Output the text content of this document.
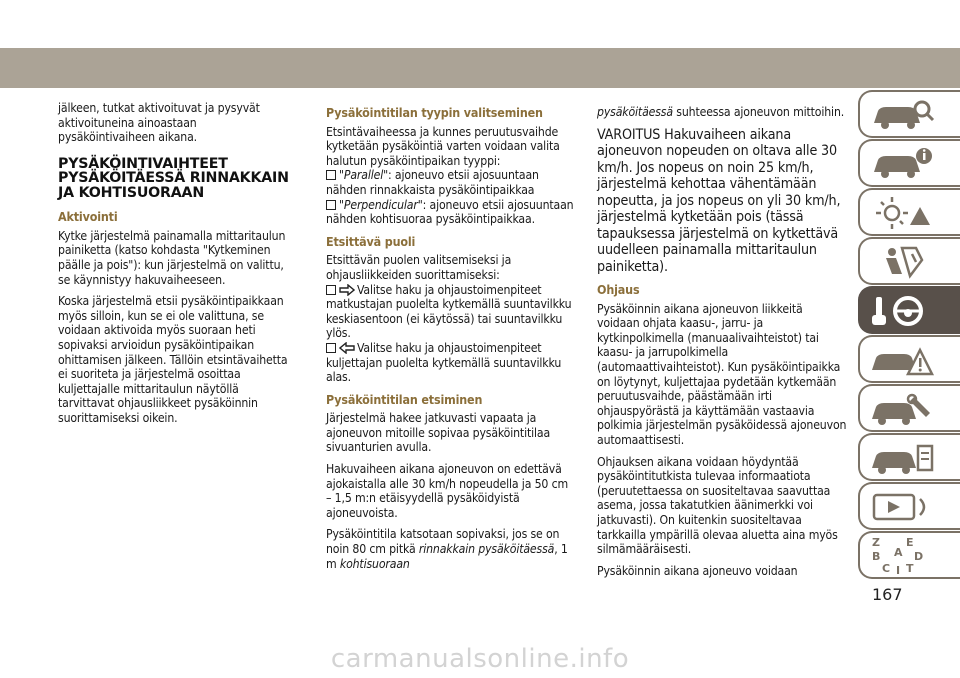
jälkeen, tutkat aktivoituvat ja pysyvät aktivoituneina ainoastaan pysäköintivaiheen aikana.

PYSÄKÖINTIVAIHTEET PYSÄKÖITÄESSÄ RINNAKKAIN JA KOHTISUORAAN
Aktivointi

Kytke järjestelmä painamalla mittaritaulun painiketta (katso kohdasta "Kytkeminen päälle ja pois"): kun järjestelmä on valittu, se käynnistyy hakuvaiheeseen.

Koska järjestelmä etsii pysäköintipaikkaan myös silloin, kun se ei ole valittuna, se voidaan aktivoida myös suoraan heti sopivaksi arvioidun pysäköintipaikan ohittamisen jälkeen. Tällöin etsintävaihetta ei suoriteta ja järjestelmä osoittaa kuljettajalle mittaritaulun näytöllä tarvittavat ohjausliikkeet pysäköinnin suorittamiseksi oikein.

Pysäköintitilan tyypin valitseminen

Etsintävaiheessa ja kunnes peruutusvaihde kytketään pysäköintiä varten voidaan valita halutun pysäköintipaikan tyyppi:

"Parallel": ajoneuvo etsii ajosuuntaan nähden rinnakkaista pysäköintipaikkaa

"Perpendicular": ajoneuvo etsii ajosuuntaan nähden kohtisuoraa pysäköintipaikkaa.

Etsittävä puoli

Etsittävän puolen valitsemiseksi ja ohjausliikkeiden suorittamiseksi:

Valitse haku ja ohjaustoimenpiteet matkustajan puolelta kytkemällä suuntavilkku keskiasentoon (ei käytössä) tai suuntavilkku ylös.

Valitse haku ja ohjaustoimenpiteet kuljettajan puolelta kytkemällä suuntavilkku alas.

Pysäköintitilan etsiminen

Järjestelmä hakee jatkuvasti vapaata ja ajoneuvon mitoille sopivaa pysäköintitilaa sivuanturien avulla.

Hakuvaiheen aikana ajoneuvon on edettävä ajokaistalla alle 30 km/h nopeudella ja 50 cm – 1,5 m:n etäisyydellä pysäköidyistä ajoneuvoista.

Pysäköintitila katsotaan sopivaksi, jos se on noin 80 cm pitkä rinnakkain pysäköitäessä, 1 m kohtisuoraan

pysäköitäessä suhteessa ajoneuvon mittoihin.

VAROITUS Hakuvaiheen aikana ajoneuvon nopeuden on oltava alle 30 km/h. Jos nopeus on noin 25 km/h, järjestelmä kehottaa vähentämään nopeutta, ja jos nopeus on yli 30 km/h, järjestelmä kytketään pois (tässä tapauksessa järjestelmä on kytkettävä uudelleen painamalla mittaritaulun painiketta).

Ohjaus

Pysäköinnin aikana ajoneuvon liikkeitä voidaan ohjata kaasu-, jarru- ja kytkinpolkimella (manuaalivaihteistot) tai kaasu- ja jarrupolkimella (automaattivaihteistot). Kun pysäköintipaikka on löytynyt, kuljettajaa pydetään kytkemään peruutusvaihde, päästämään irti ohjauspyörästä ja käyttämään vastaavia polkimia järjestelmän pysäköidessä ajoneuvon automaattisesti.

Ohjauksen aikana voidaan höydyntää pysäköintitutkista tulevaa informaatiota (peruutettaessa on suositeltavaa saavuttaa asema, jossa takatutkien äänimerkki voi jatkuvasti). On kuitenkin suositeltavaa tarkkailla ympärillä olevaa aluetta aina myös silmämääräisesti.

Pysäköinnin aikana ajoneuvo voidaan

Z E
B A
C
D
T
I
167
carmanualsonline.info
